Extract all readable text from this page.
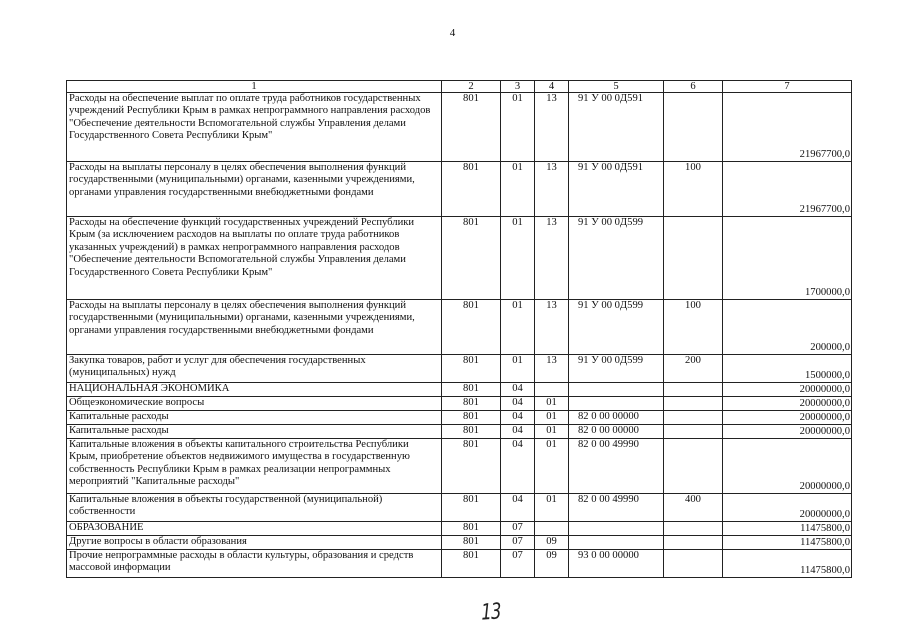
4
1	2	3	4	5	6	7
Расходы на обеспечение выплат по оплате труда работников государственных учреждений Республики Крым в рамках непрограммного направления расходов "Обеспечение деятельности Вспомогательной службы Управления делами Государственного Совета Республики Крым"	801	01	13	91 У 00 0Д591		21967700,0
Расходы на выплаты персоналу в целях обеспечения выполнения функций государственными (муниципальными) органами, казенными учреждениями, органами управления государственными внебюджетными фондами	801	01	13	91 У 00 0Д591	100	21967700,0
Расходы на обеспечение функций государственных учреждений Республики Крым (за исключением расходов на выплаты по оплате труда работников указанных учреждений) в рамках непрограммного направления расходов "Обеспечение деятельности Вспомогательной службы Управления делами Государственного Совета Республики Крым"	801	01	13	91 У 00 0Д599		1700000,0
Расходы на выплаты персоналу в целях обеспечения выполнения функций государственными (муниципальными) органами, казенными учреждениями, органами управления государственными внебюджетными фондами	801	01	13	91 У 00 0Д599	100	200000,0
Закупка товаров, работ и услуг для обеспечения государственных (муниципальных) нужд	801	01	13	91 У 00 0Д599	200	1500000,0
НАЦИОНАЛЬНАЯ ЭКОНОМИКА	801	04				20000000,0
Общеэкономические вопросы	801	04	01			20000000,0
Капитальные расходы	801	04	01	82 0 00 00000		20000000,0
Капитальные расходы	801	04	01	82 0 00 00000		20000000,0
Капитальные вложения в объекты капитального строительства Республики Крым, приобретение объектов недвижимого имущества в государственную собственность Республики Крым в рамках реализации непрограммных мероприятий "Капитальные расходы"	801	04	01	82 0 00 49990		20000000,0
Капитальные вложения в объекты государственной (муниципальной) собственности	801	04	01	82 0 00 49990	400	20000000,0
ОБРАЗОВАНИЕ	801	07				11475800,0
Другие вопросы в области образования	801	07	09			11475800,0
Прочие непрограммные расходы в области культуры, образования и средств массовой информации	801	07	09	93 0 00 00000		11475800,0
13
